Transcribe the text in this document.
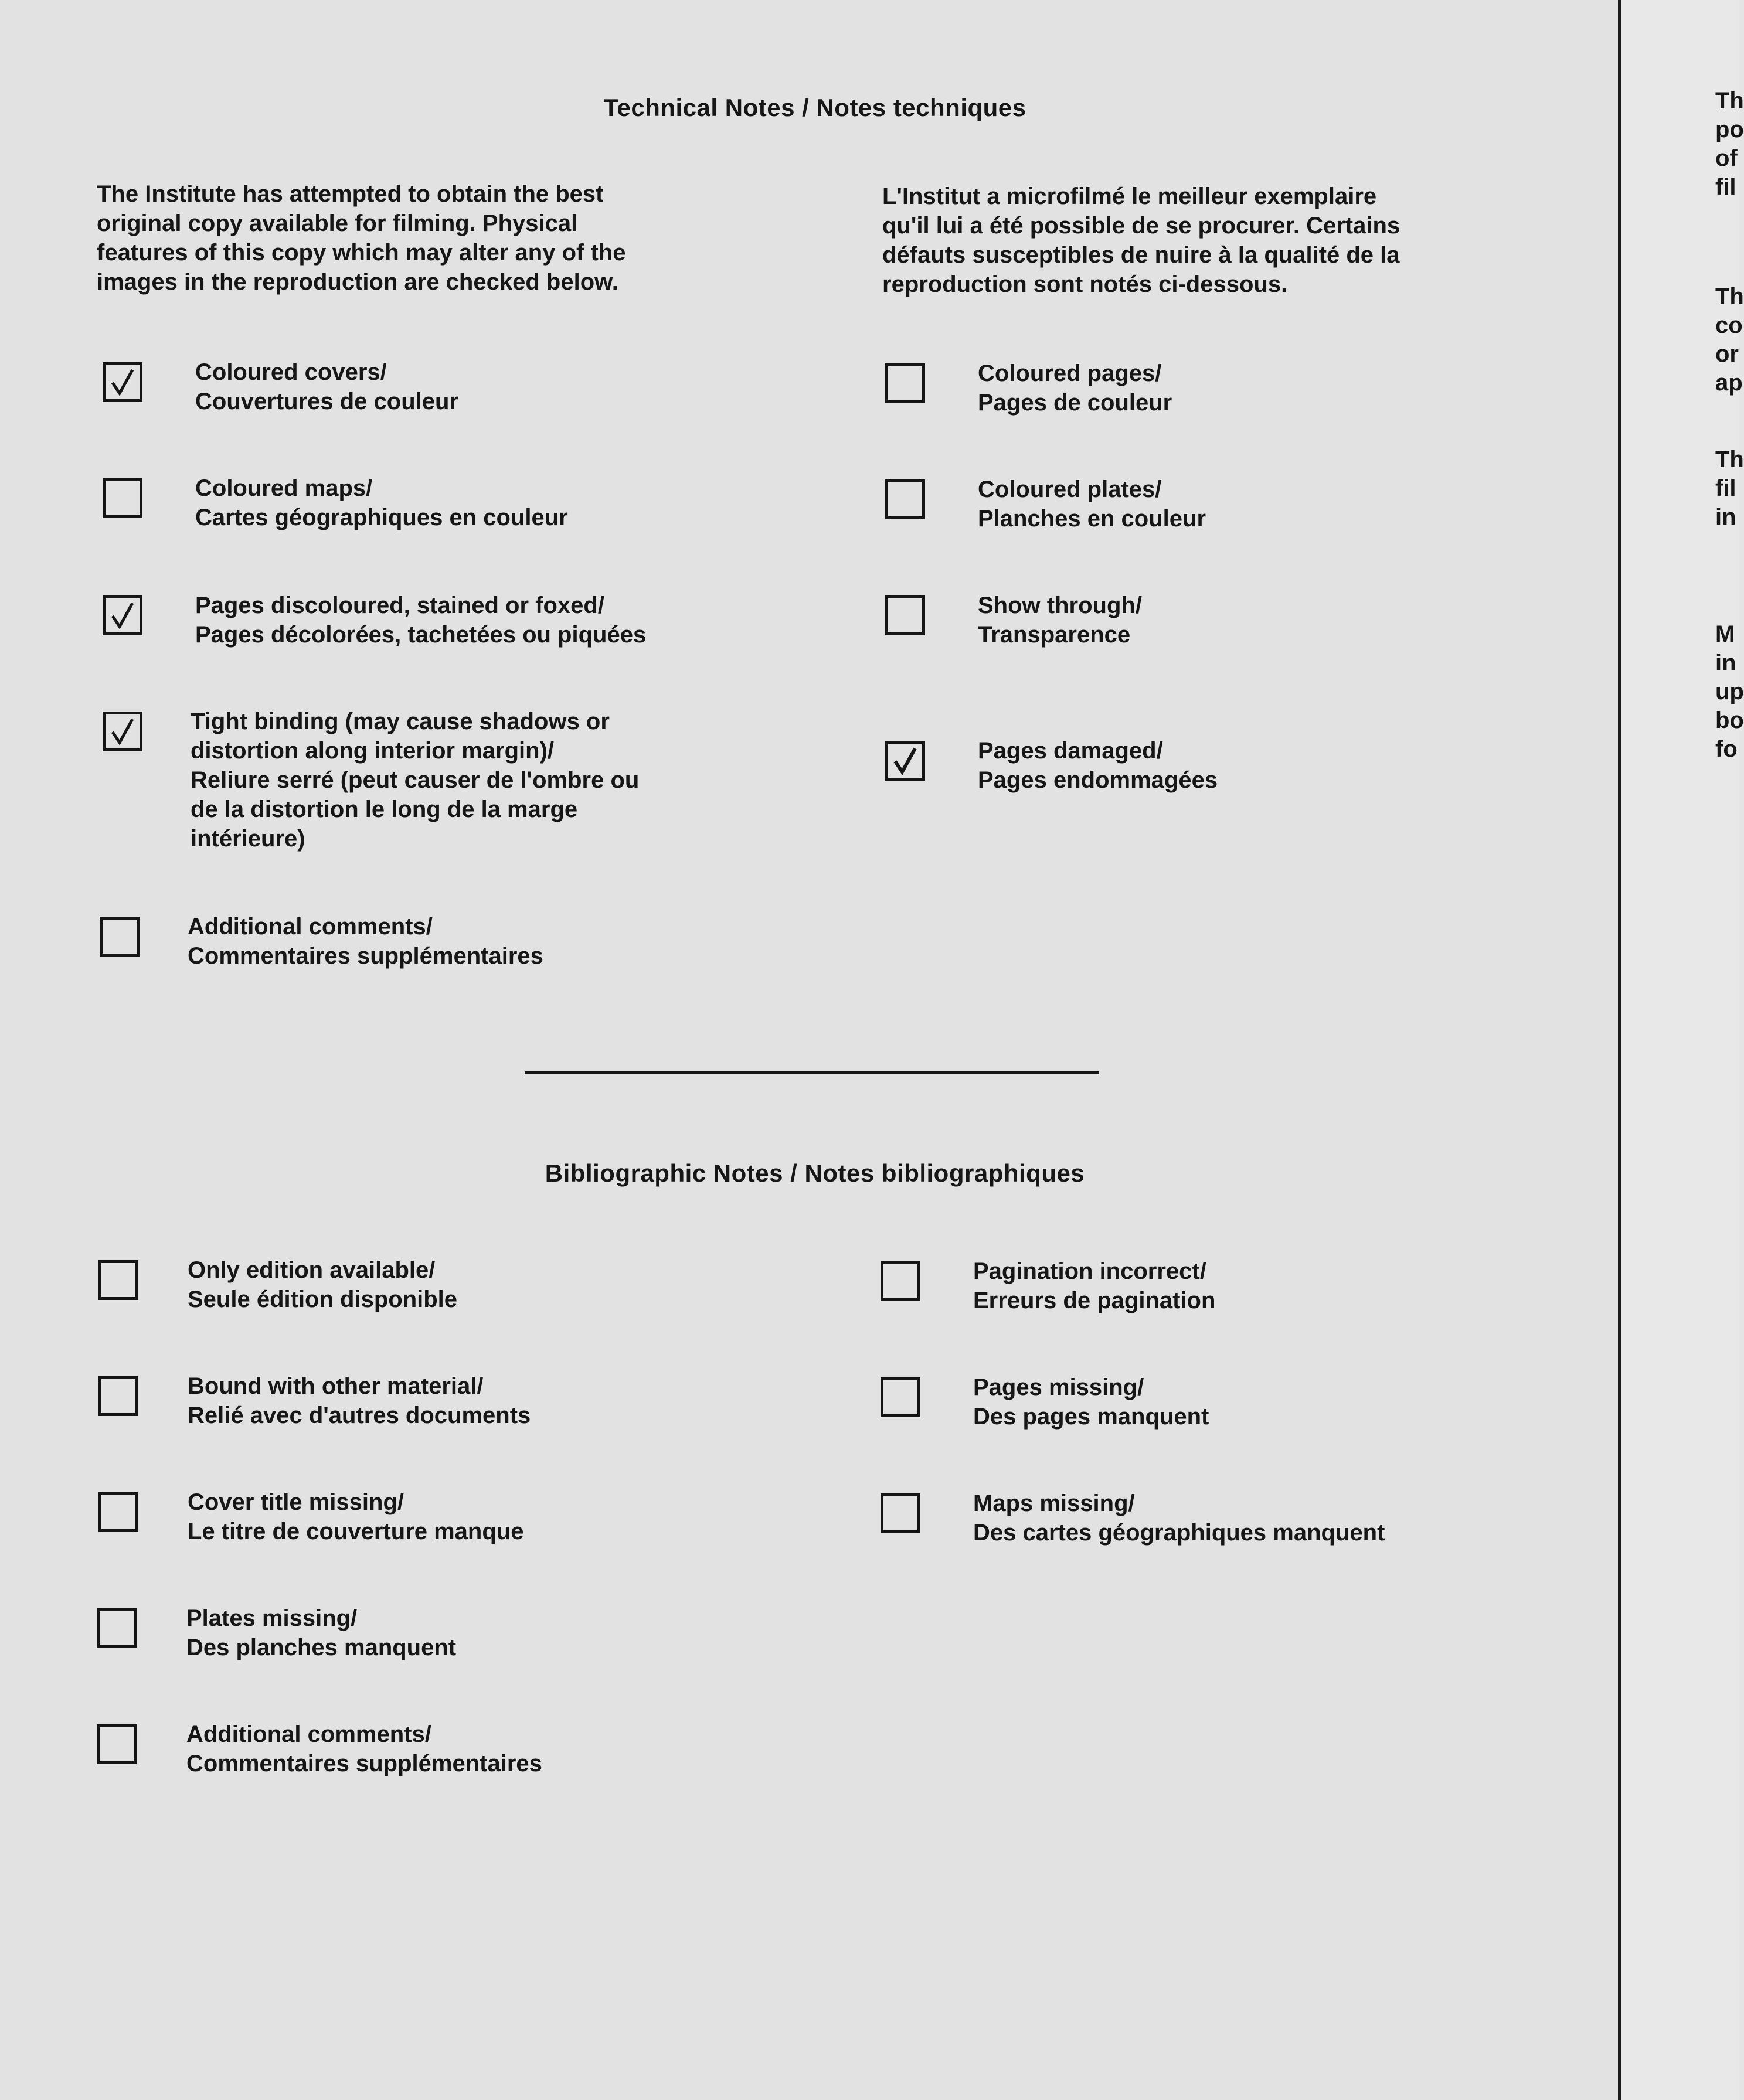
Technical Notes / Notes techniques
The Institute has attempted to obtain the best
original copy available for filming. Physical
features of this copy which may alter any of the
images in the reproduction are checked below.
L'Institut a microfilmé le meilleur exemplaire
qu'il lui a été possible de se procurer. Certains
défauts susceptibles de nuire à la qualité de la
reproduction sont notés ci-dessous.
Coloured covers/
Couvertures de couleur
Coloured maps/
Cartes géographiques en couleur
Pages discoloured, stained or foxed/
Pages décolorées, tachetées ou piquées
Tight binding (may cause shadows or
distortion along interior margin)/
Reliure serré (peut causer de l'ombre ou
de la distortion le long de la marge
intérieure)
Additional comments/
Commentaires supplémentaires
Coloured pages/
Pages de couleur
Coloured plates/
Planches en couleur
Show through/
Transparence
Pages damaged/
Pages endommagées
Bibliographic Notes / Notes bibliographiques
Only edition available/
Seule édition disponible
Bound with other material/
Relié avec d'autres documents
Cover title missing/
Le titre de couverture manque
Plates missing/
Des planches manquent
Additional comments/
Commentaires supplémentaires
Pagination incorrect/
Erreurs de pagination
Pages missing/
Des pages manquent
Maps missing/
Des cartes géographiques manquent
Th
po
of
fil
Th
co
or
ap
Th
fil
in
M
in
up
bo
fo
